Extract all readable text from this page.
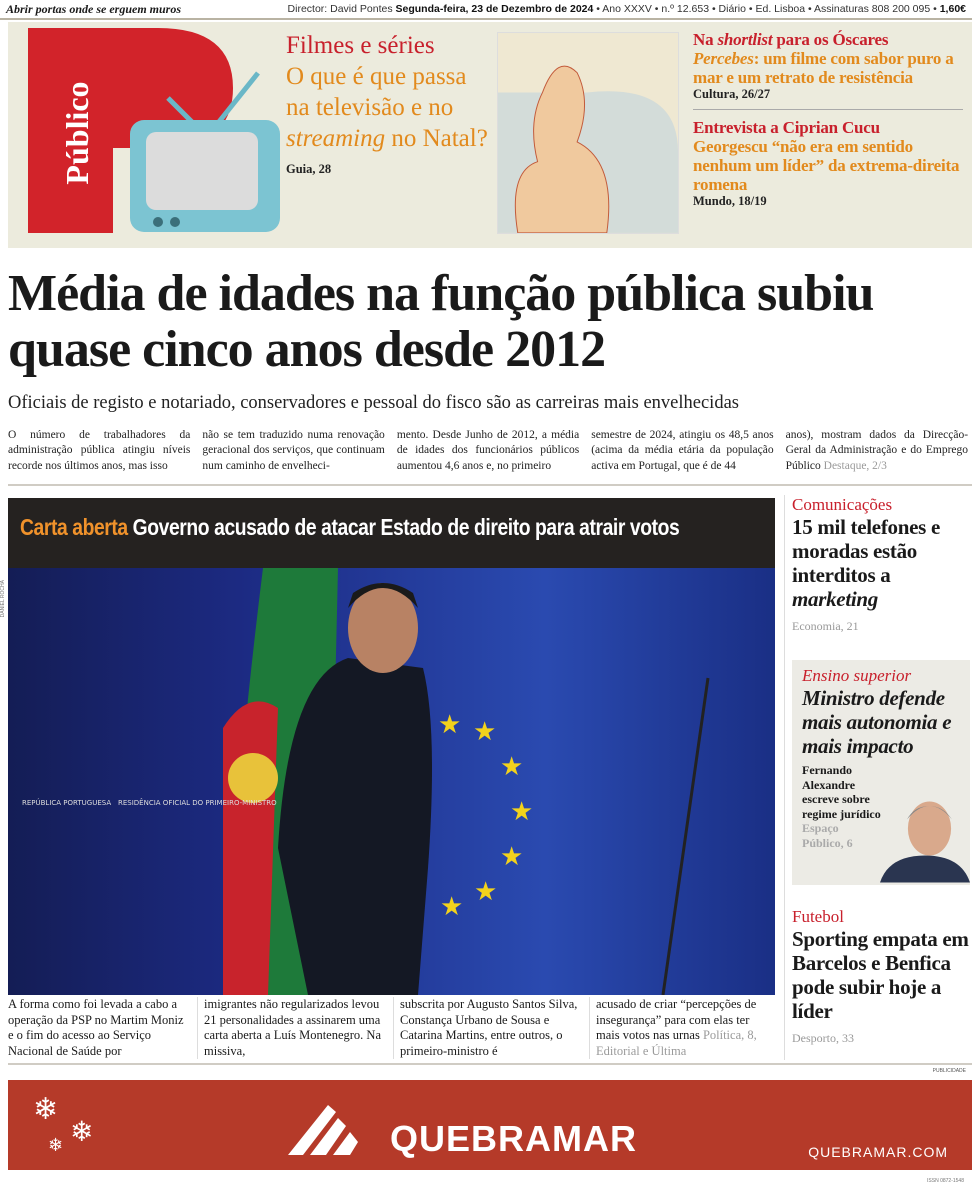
Abrir portas onde se erguem muros	Director: David Pontes Segunda-feira, 23 de Dezembro de 2024 • Ano XXXV • n.º 12.653 • Diário • Ed. Lisboa • Assinaturas 808 200 095 • 1,60€
Público
Filmes e séries
O que é que passa na televisão e no streaming no Natal?
Guia, 28
Na shortlist para os Óscares
Percebes: um filme com sabor puro a mar e um retrato de resistência
Cultura, 26/27
Entrevista a Ciprian Cucu
Georgescu “não era em sentido nenhum um líder” da extrema-direita romena
Mundo, 18/19
Média de idades na função pública subiu quase cinco anos desde 2012
Oficiais de registo e notariado, conservadores e pessoal do fisco são as carreiras mais envelhecidas
O número de trabalhadores da administração pública atingiu níveis recorde nos últimos anos, mas isso
não se tem traduzido numa renovação geracional dos serviços, que continuam num caminho de envelheci-
mento. Desde Junho de 2012, a média de idades dos funcionários públicos aumentou 4,6 anos e, no primeiro
semestre de 2024, atingiu os 48,5 anos (acima da média etária da população activa em Portugal, que é de 44
anos), mostram dados da Direcção-Geral da Administração e do Emprego Público Destaque, 2/3
DANIEL ROCHA
Carta aberta Governo acusado de atacar Estado de direito para atrair votos
★ ★
★
★
★
★
★
REPÚBLICA PORTUGUESA RESIDÊNCIA OFICIAL DO PRIMEIRO-MINISTRO
A forma como foi levada a cabo a operação da PSP no Martim Moniz e o fim do acesso ao Serviço Nacional de Saúde por
imigrantes não regularizados levou 21 personalidades a assinarem uma carta aberta a Luís Montenegro. Na missiva,
subscrita por Augusto Santos Silva, Constança Urbano de Sousa e Catarina Martins, entre outros, o primeiro-ministro é
acusado de criar “percepções de insegurança” para com elas ter mais votos nas urnas Política, 8, Editorial e Última
Comunicações
15 mil telefones e moradas estão interditos a marketing
Economia, 21
Ensino superior
Ministro defende mais autonomia e mais impacto
Fernando Alexandre escreve sobre regime jurídico
Espaço Público, 6
Futebol
Sporting empata em Barcelos e Benfica pode subir hoje a líder
Desporto, 33
PUBLICIDADE
❄
❄
❄	QUEBRAMAR	QUEBRAMAR.COM
ISSN 0872-1548
